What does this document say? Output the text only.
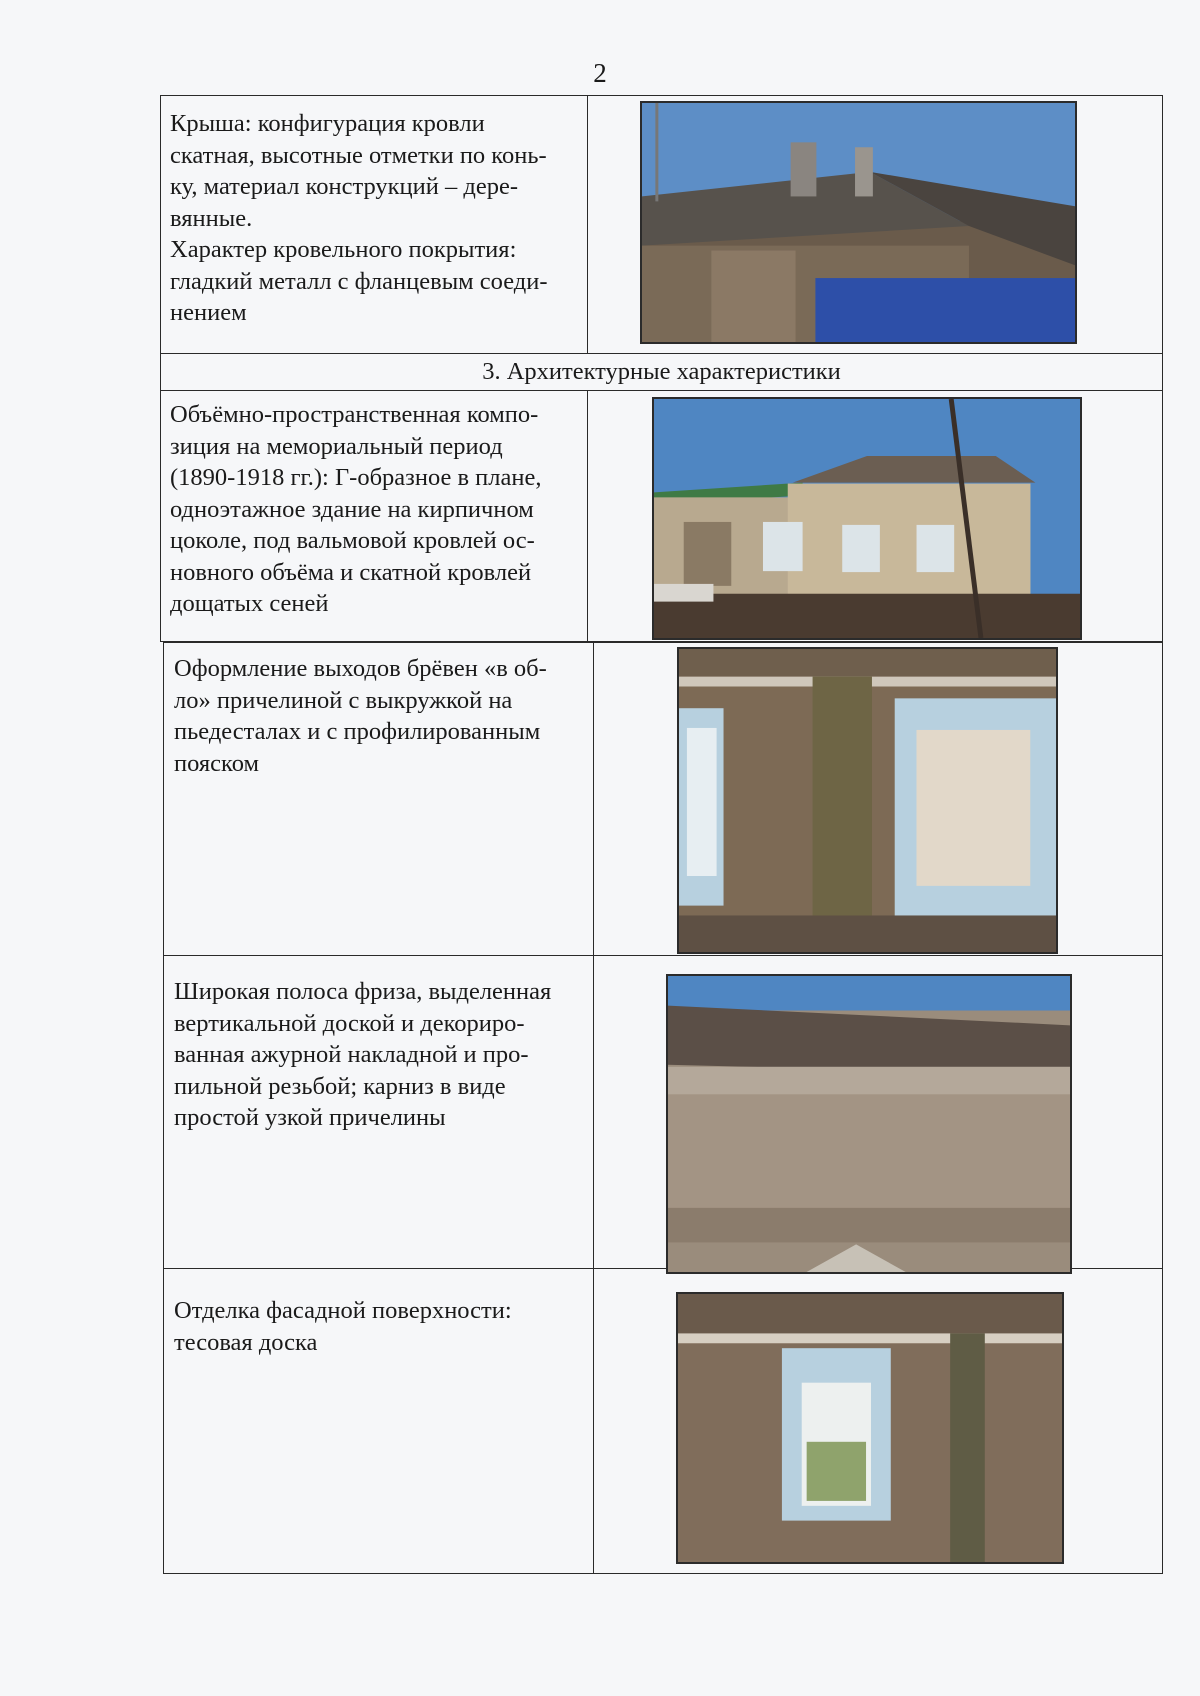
2
Крыша: конфигурация кровли
скатная, высотные отметки по конь-
ку, материал конструкций – дере-
вянные.
Характер кровельного покрытия:
гладкий металл с фланцевым соеди-
нением
3. Архитектурные характеристики
Объёмно-пространственная компо-
зиция на мемориальный период
(1890-1918 гг.): Г-образное в плане,
одноэтажное здание на кирпичном
цоколе, под вальмовой кровлей ос-
новного объёма и скатной кровлей
дощатых сеней
Оформление выходов брёвен «в об-
ло» причелиной с выкружкой на
пьедесталах и с профилированным
пояском
Широкая полоса фриза, выделенная
вертикальной доской и декориро-
ванная ажурной накладной и про-
пильной резьбой; карниз в виде
простой узкой причелины
Отделка фасадной поверхности:
тесовая доска
